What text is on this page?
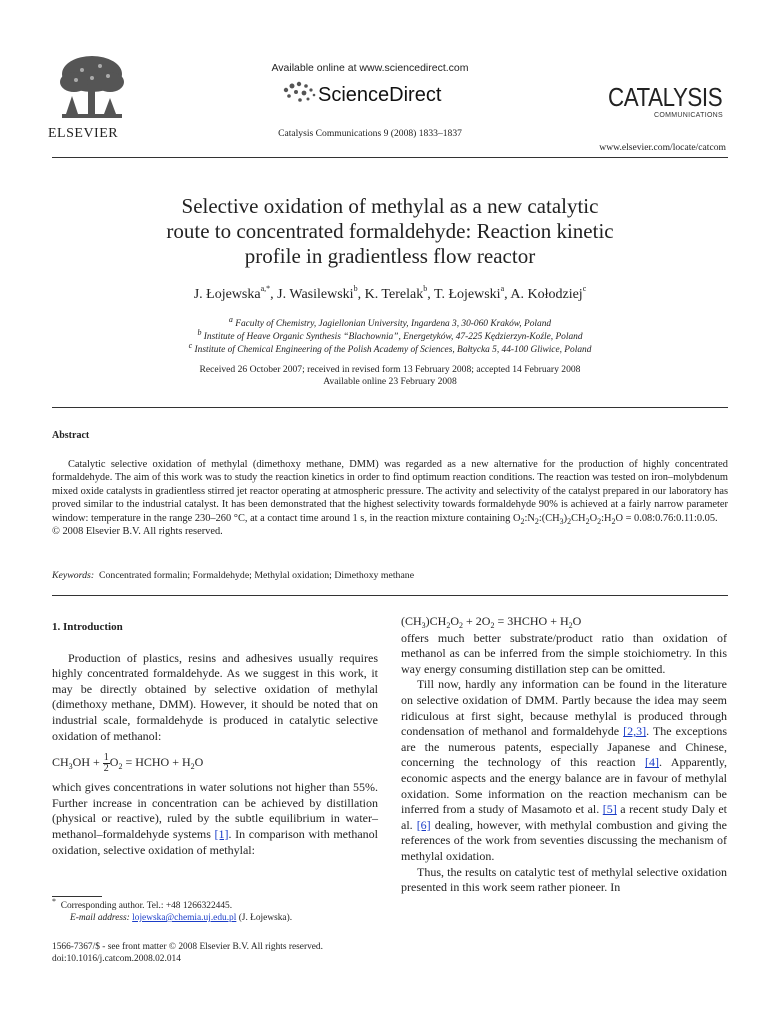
ELSEVIER
Available online at www.sciencedirect.com
ScienceDirect
Catalysis Communications 9 (2008) 1833–1837
CATALYSIS
COMMUNICATIONS
www.elsevier.com/locate/catcom
Selective oxidation of methylal as a new catalytic
route to concentrated formaldehyde: Reaction kinetic
profile in gradientless flow reactor
J. Łojewska$^{a,*}$, J. Wasilewski$^b$, K. Terelak$^b$, T. Łojewski$^a$, A. Kołodziej$^c$
$^a$ Faculty of Chemistry, Jagiellonian University, Ingardena 3, 30-060 Kraków, Poland
$^b$ Institute of Heave Organic Synthesis “Blachownia”, Energetyków, 47-225 Kędzierzyn-Koźle, Poland
$^c$ Institute of Chemical Engineering of the Polish Academy of Sciences, Bałtycka 5, 44-100 Gliwice, Poland
Received 26 October 2007; received in revised form 13 February 2008; accepted 14 February 2008
Available online 23 February 2008
Abstract
Catalytic selective oxidation of methylal (dimethoxy methane, DMM) was regarded as a new alternative for the production of highly concentrated formaldehyde. The aim of this work was to study the reaction kinetics in order to find optimum reaction conditions. The reaction was tested on iron–molybdenum mixed oxide catalysts in gradientless stirred jet reactor operating at atmospheric pressure. The activity and selectivity of the catalyst prepared in our laboratory has proved similar to the industrial catalyst. It has been demonstrated that the highest selectivity towards formaldehyde 90% is achieved at a fairly narrow parameter window: temperature in the range 230–260 °C, at a contact time around 1 s, in the reaction mixture containing $O_2:N_2:(CH_3)_2CH_2O_2:H_2O$ = 0.08:0.76:0.11:0.05.
© 2008 Elsevier B.V. All rights reserved.
Keywords: Concentrated formalin; Formaldehyde; Methylal oxidation; Dimethoxy methane
1. Introduction

Production of plastics, resins and adhesives usually requires highly concentrated formaldehyde. As we suggest in this work, it may be directly obtained by selective oxidation of methylal (dimethoxy methane, DMM). However, it should be noted that on industrial scale, formaldehyde is produced in catalytic selective oxidation of methanol:

$CH_3OH + \frac{1}{2} O_2$ = HCHO + $H_2O$

which gives concentrations in water solutions not higher than 55%. Further increase in concentration can be achieved by distillation (physical or reactive), ruled by the subtle equilibrium in water–methanol–formaldehyde systems [1]. In comparison with methanol oxidation, selective oxidation of methylal:

* Corresponding author. Tel.: +48 1266322445.
E-mail address: lojewska@chemia.uj.edu.pl (J. Łojewska).
1566-7367/$ - see front matter © 2008 Elsevier B.V. All rights reserved.
doi:10.1016/j.catcom.2008.02.014
$(CH_3)CH_2O_2 + 2O_2$ = 3HCHO + $H_2O$

offers much better substrate/product ratio than oxidation of methanol as can be inferred from the simple stoichiometry. In this way energy consuming distillation step can be omitted.

Till now, hardly any information can be found in the literature on selective oxidation of DMM. Partly because the idea may seem ridiculous at first sight, because methylal is produced through condensation of methanol and formaldehyde [2,3]. The exceptions are the numerous patents, especially Japanese and Chinese, concerning the technology of this reaction [4]. Apparently, economic aspects and the energy balance are in favour of methylal oxidation. Some information on the reaction mechanism can be inferred from a study of Masamoto et al. [5] a recent study Daly et al. [6] dealing, however, with methylal combustion and giving the references of the work from seventies discussing the mechanism of methylal oxidation.

Thus, the results on catalytic test of methylal selective oxidation presented in this work seem rather pioneer. In
